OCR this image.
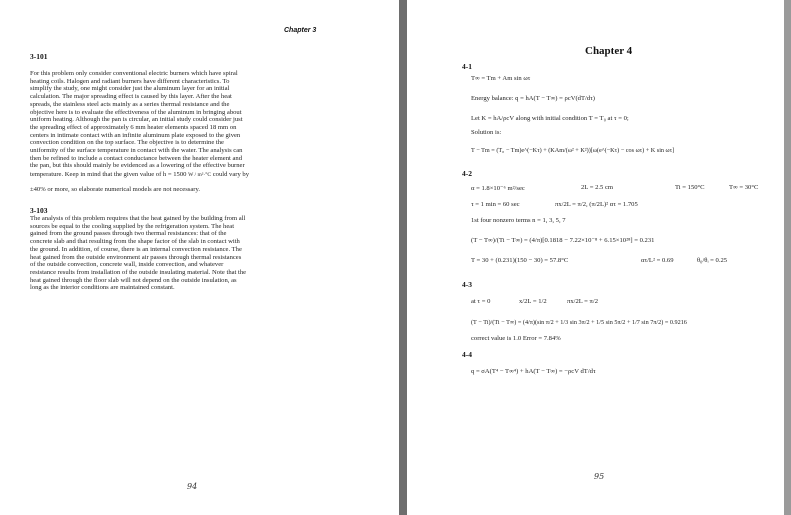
Chapter 3
3-101
For this problem only consider conventional electric burners which have spiral
heating coils. Halogen and radiant burners have different characteristics. To
simplify the study, one might consider just the aluminum layer for an initial
calculation. The major spreading effect is caused by this layer. After the heat
spreads, the stainless steel acts mainly as a series thermal resistance and the
objective here is to evaluate the effectiveness of the aluminum in bringing about
uniform heating. Although the pan is circular, an initial study could consider just
the spreading effect of approximately 6 mm heater elements spaced 18 mm on
centers in intimate contact with an infinite aluminum plate exposed to the given
convection condition on the top surface. The objective is to determine the
uniformity of the surface temperature in contact with the water. The analysis can
then be refined to include a contact conductance between the heater element and
the pan, but this should mainly be evidenced as a lowering of the effective burner
temperature. Keep in mind that the given value of h = 1500 W / m²·°C could vary by
±40% or more, so elaborate numerical models are not necessary.
3-103
The analysis of this problem requires that the heat gained by the building from all
sources be equal to the cooling supplied by the refrigeration system. The heat
gained from the ground passes through two thermal resistances: that of the
concrete slab and that resulting from the shape factor of the slab in contact with
the ground. In addition, of course, there is an internal convection resistance. The
heat gained from the outside environment air passes through thermal resistances
of the outside convection, concrete wall, inside convection, and whatever
resistance results from installation of the outside insulating material. Note that the
heat gained through the floor slab will not depend on the outside insulation, as
long as the interior conditions are maintained constant.
94
Chapter 4
4-1
T∞ = Tm + Am sin ωτ
Energy balance: q = hA(T − T∞) = ρcV(dT/dτ)
Let K = hA/ρcV along with initial condition T = T₀ at τ = 0;
Solution is:
T − Tm = (T₀ − Tm)e^(−Kτ) + (KAm/(ω² + K²))[ω(e^(−Kτ) − cos ωτ) + K sin ωτ]
4-2
α = 1.8×10⁻⁶ m²/sec	2L = 2.5 cm	Ti = 150°C	T∞ = 30°C
τ = 1 min = 60 sec	πx/2L = π/2, (π/2L)² ατ = 1.705
1st four nonzero terms n = 1, 3, 5, 7
(T − T∞)/(Ti − T∞) = (4/π)[0.1818 − 7.22×10⁻⁸ + 6.15×10²⁸] = 0.231
T = 30 + (0.231)(150 − 30) = 57.8°C	ατ/L² = 0.69	θ₀/θᵢ = 0.25
4-3
at τ = 0	x/2L = 1/2	πx/2L = π/2
(T − Ti)/(Ti − T∞) = (4/π)(sin π/2 + 1/3 sin 3π/2 + 1/5 sin 5π/2 + 1/7 sin 7π/2) = 0.9216
correct value is 1.0 Error = 7.84%
4-4
q = σA(T⁴ − T∞⁴) + hA(T − T∞) = −ρcV dT/dτ
95
